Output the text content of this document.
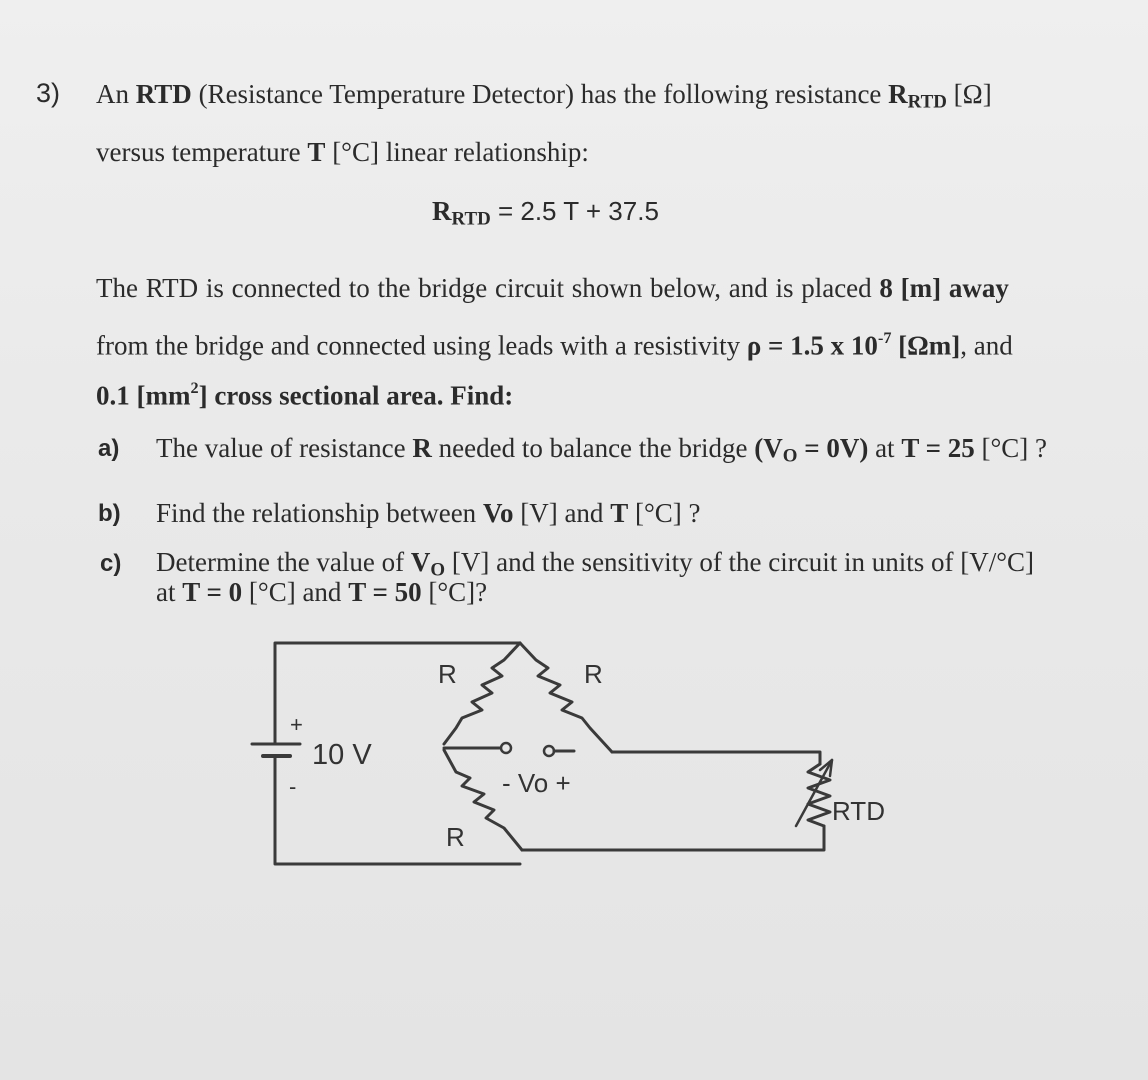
3) An RTD (Resistance Temperature Detector) has the following resistance $R_{RTD}$ [Ω]
versus temperature T [°C] linear relationship:
$R_{RTD} = 2.5$ T + 37.5
The RTD is connected to the bridge circuit shown below, and is placed 8 [m] away
from the bridge and connected using leads with a resistivity ρ = 1.5 x $10^{-7}$ [Ωm], and
0.1 $[mm^2]$ cross sectional area. Find:
a) The value of resistance R needed to balance the bridge $(V_O = 0V)$ at T = 25 [°C] ?
b) Find the relationship between Vo [V] and T [°C] ?
c) Determine the value of $V_O$ [V] and the sensitivity of the circuit in units of [V/°C]
at T = 0 [°C] and T = 50 [°C]?
+
-
10 V
R	R
R
- Vo +
RTD
